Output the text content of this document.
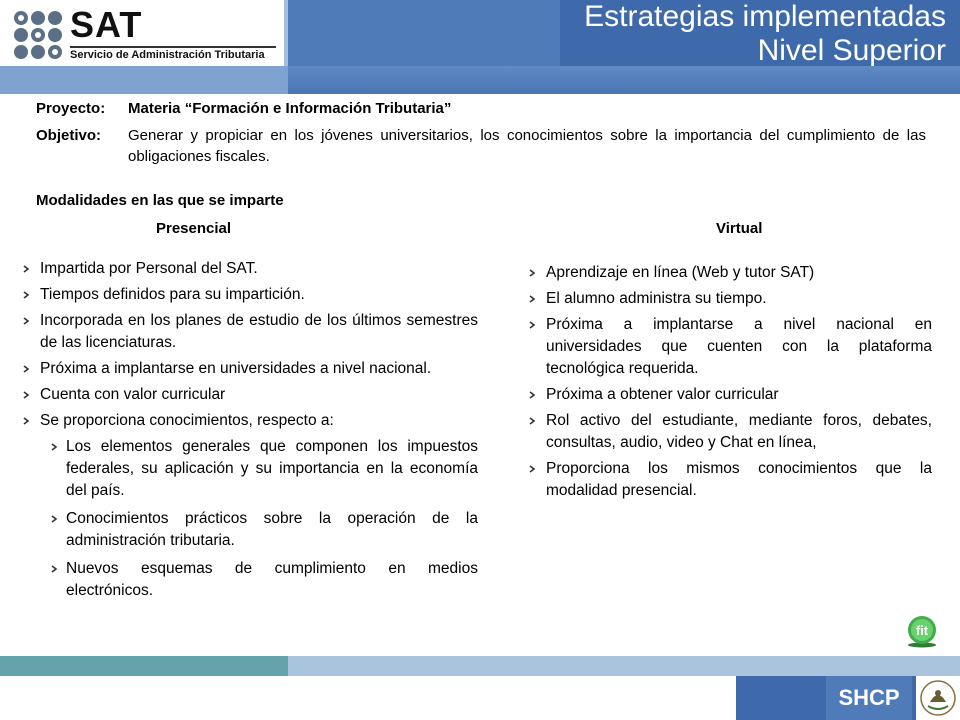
SAT
Servicio de Administración Tributaria
Estrategias implementadas
Nivel Superior
Proyecto:	Materia “Formación e Información Tributaria”
Objetivo:	Generar y propiciar en los jóvenes universitarios, los conocimientos sobre la importancia del cumplimiento de las obligaciones fiscales.
Modalidades en las que se imparte
Presencial	Virtual
Impartida por Personal del SAT.
Tiempos definidos para su impartición.
Incorporada en los planes de estudio de los últimos semestres de las licenciaturas.
Próxima a implantarse en universidades a nivel nacional.
Cuenta con valor curricular
Se proporciona conocimientos, respecto a:
Los elementos generales que componen los impuestos federales, su aplicación y su importancia en la economía del país.
Conocimientos prácticos sobre la operación de la administración tributaria.
Nuevos esquemas de cumplimiento en medios electrónicos.
Aprendizaje en línea (Web y tutor SAT)
El alumno administra su tiempo.
Próxima a implantarse a nivel nacional en universidades que cuenten con la plataforma tecnológica requerida.
Próxima a obtener valor curricular
Rol activo del estudiante, mediante foros, debates, consultas, audio, video y Chat en línea,
Proporciona los mismos conocimientos que la modalidad presencial.
fit
SHCP
